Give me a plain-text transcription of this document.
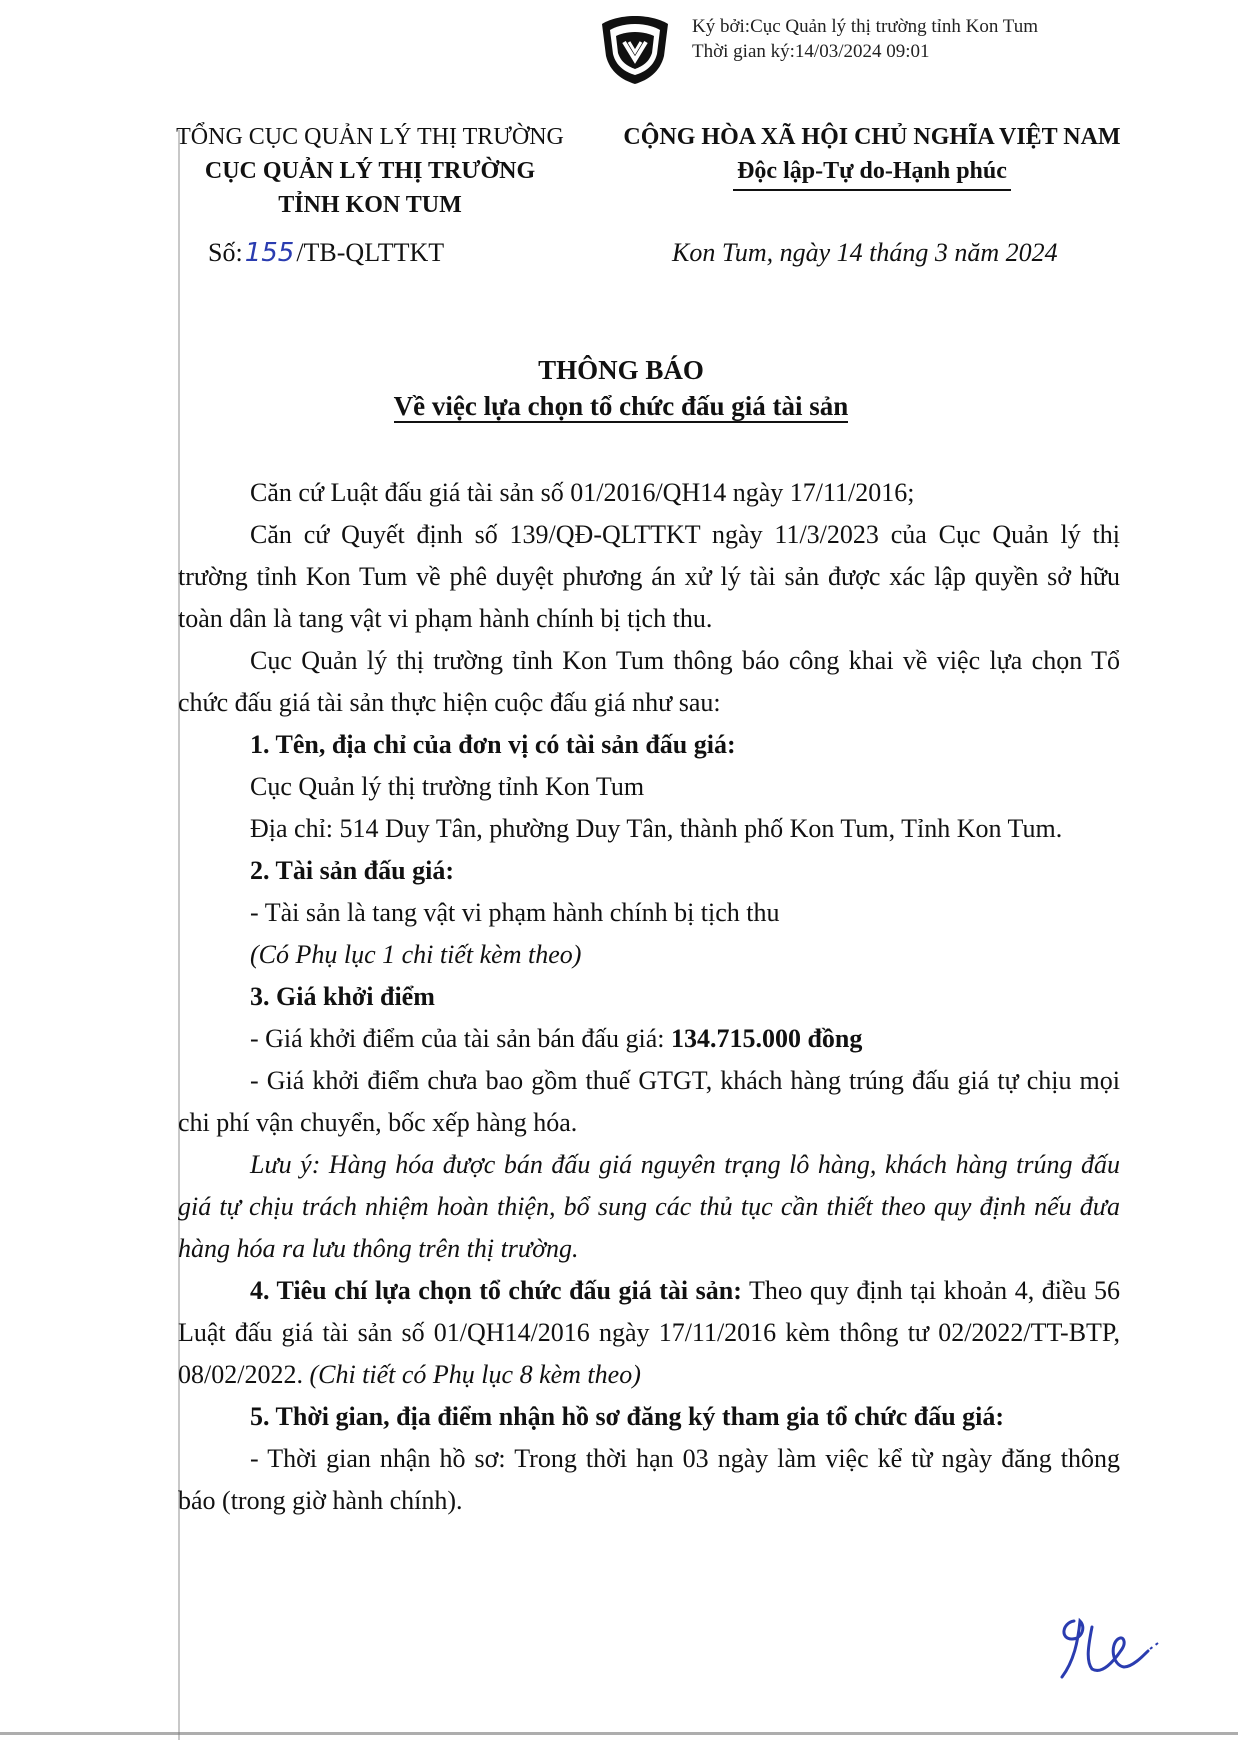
Ký bởi:Cục Quản lý thị trường tỉnh Kon Tum
Thời gian ký:14/03/2024 09:01
TỔNG CỤC QUẢN LÝ THỊ TRƯỜNG
CỤC QUẢN LÝ THỊ TRƯỜNG
TỈNH KON TUM
CỘNG HÒA XÃ HỘI CHỦ NGHĨA VIỆT NAM
Độc lập-Tự do-Hạnh phúc
Số:155/TB-QLTTKT	Kon Tum, ngày 14 tháng 3 năm 2024
THÔNG BÁO
Về việc lựa chọn tổ chức đấu giá tài sản

Căn cứ Luật đấu giá tài sản số 01/2016/QH14 ngày 17/11/2016;

Căn cứ Quyết định số 139/QĐ-QLTTKT ngày 11/3/2023 của Cục Quản lý thị trường tỉnh Kon Tum về phê duyệt phương án xử lý tài sản được xác lập quyền sở hữu toàn dân là tang vật vi phạm hành chính bị tịch thu.

Cục Quản lý thị trường tỉnh Kon Tum thông báo công khai về việc lựa chọn Tổ chức đấu giá tài sản thực hiện cuộc đấu giá như sau:

1. Tên, địa chỉ của đơn vị có tài sản đấu giá:

Cục Quản lý thị trường tỉnh Kon Tum

Địa chỉ: 514 Duy Tân, phường Duy Tân, thành phố Kon Tum, Tỉnh Kon Tum.

2. Tài sản đấu giá:

- Tài sản là tang vật vi phạm hành chính bị tịch thu

(Có Phụ lục 1 chi tiết kèm theo)

3. Giá khởi điểm

- Giá khởi điểm của tài sản bán đấu giá: 134.715.000 đồng

- Giá khởi điểm chưa bao gồm thuế GTGT, khách hàng trúng đấu giá tự chịu mọi chi phí vận chuyển, bốc xếp hàng hóa.

Lưu ý: Hàng hóa được bán đấu giá nguyên trạng lô hàng, khách hàng trúng đấu giá tự chịu trách nhiệm hoàn thiện, bổ sung các thủ tục cần thiết theo quy định nếu đưa hàng hóa ra lưu thông trên thị trường.

4. Tiêu chí lựa chọn tổ chức đấu giá tài sản: Theo quy định tại khoản 4, điều 56 Luật đấu giá tài sản số 01/QH14/2016 ngày 17/11/2016 kèm thông tư 02/2022/TT-BTP, 08/02/2022. (Chi tiết có Phụ lục 8 kèm theo)

5. Thời gian, địa điểm nhận hồ sơ đăng ký tham gia tổ chức đấu giá:

- Thời gian nhận hồ sơ: Trong thời hạn 03 ngày làm việc kể từ ngày đăng thông báo (trong giờ hành chính).
